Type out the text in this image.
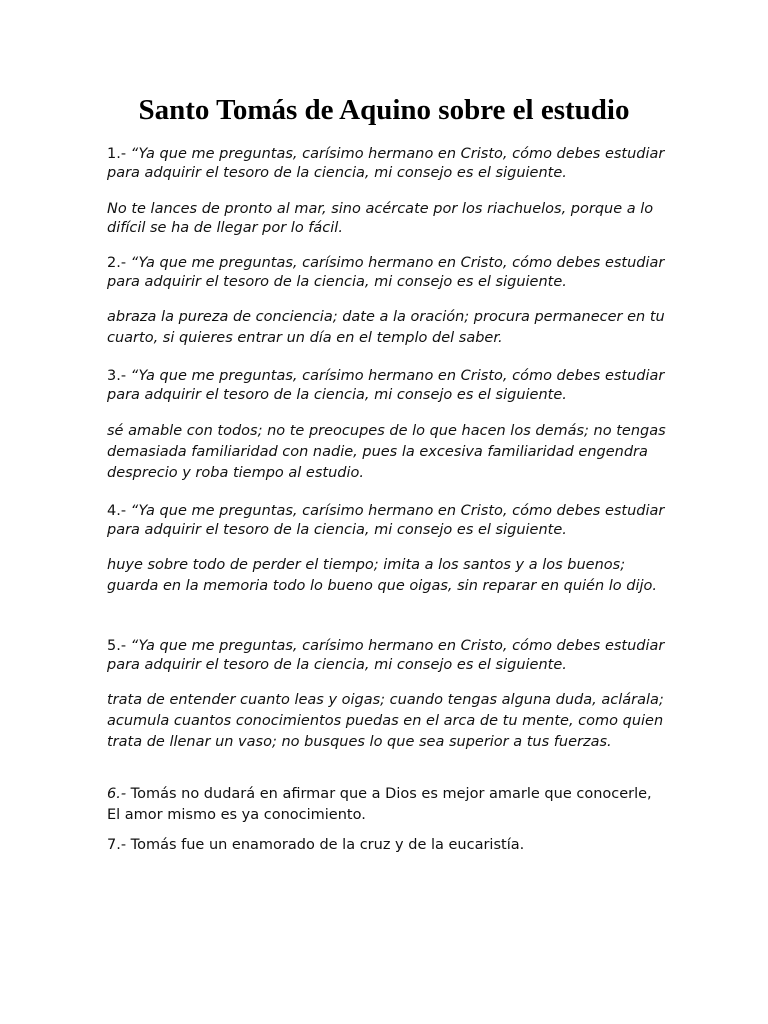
Santo Tomás de Aquino sobre el estudio

1.- “Ya que me preguntas, carísimo hermano en Cristo, cómo debes estudiar para adquirir el tesoro de la ciencia, mi consejo es el siguiente.

No te lances de pronto al mar, sino acércate por los riachuelos, porque a lo difícil se ha de llegar por lo fácil.

2.- “Ya que me preguntas, carísimo hermano en Cristo, cómo debes estudiar para adquirir el tesoro de la ciencia, mi consejo es el siguiente.

abraza la pureza de conciencia; date a la oración; procura permanecer en tu cuarto, si quieres entrar un día en el templo del saber.

3.- “Ya que me preguntas, carísimo hermano en Cristo, cómo debes estudiar para adquirir el tesoro de la ciencia, mi consejo es el siguiente.

sé amable con todos; no te preocupes de lo que hacen los demás; no tengas demasiada familiaridad con nadie, pues la excesiva familiaridad engendra desprecio y roba tiempo al estudio.

4.- “Ya que me preguntas, carísimo hermano en Cristo, cómo debes estudiar para adquirir el tesoro de la ciencia, mi consejo es el siguiente.

huye sobre todo de perder el tiempo; imita a los santos y a los buenos; guarda en la memoria todo lo bueno que oigas, sin reparar en quién lo dijo.

5.- “Ya que me preguntas, carísimo hermano en Cristo, cómo debes estudiar para adquirir el tesoro de la ciencia, mi consejo es el siguiente.

trata de entender cuanto leas y oigas; cuando tengas alguna duda, aclárala; acumula cuantos conocimientos puedas en el arca de tu mente, como quien trata de llenar un vaso; no busques lo que sea superior a tus fuerzas.

6.- Tomás no dudará en afirmar que a Dios es mejor amarle que conocerle, El amor mismo es ya conocimiento.

7.- Tomás fue un enamorado de la cruz y de la eucaristía.
